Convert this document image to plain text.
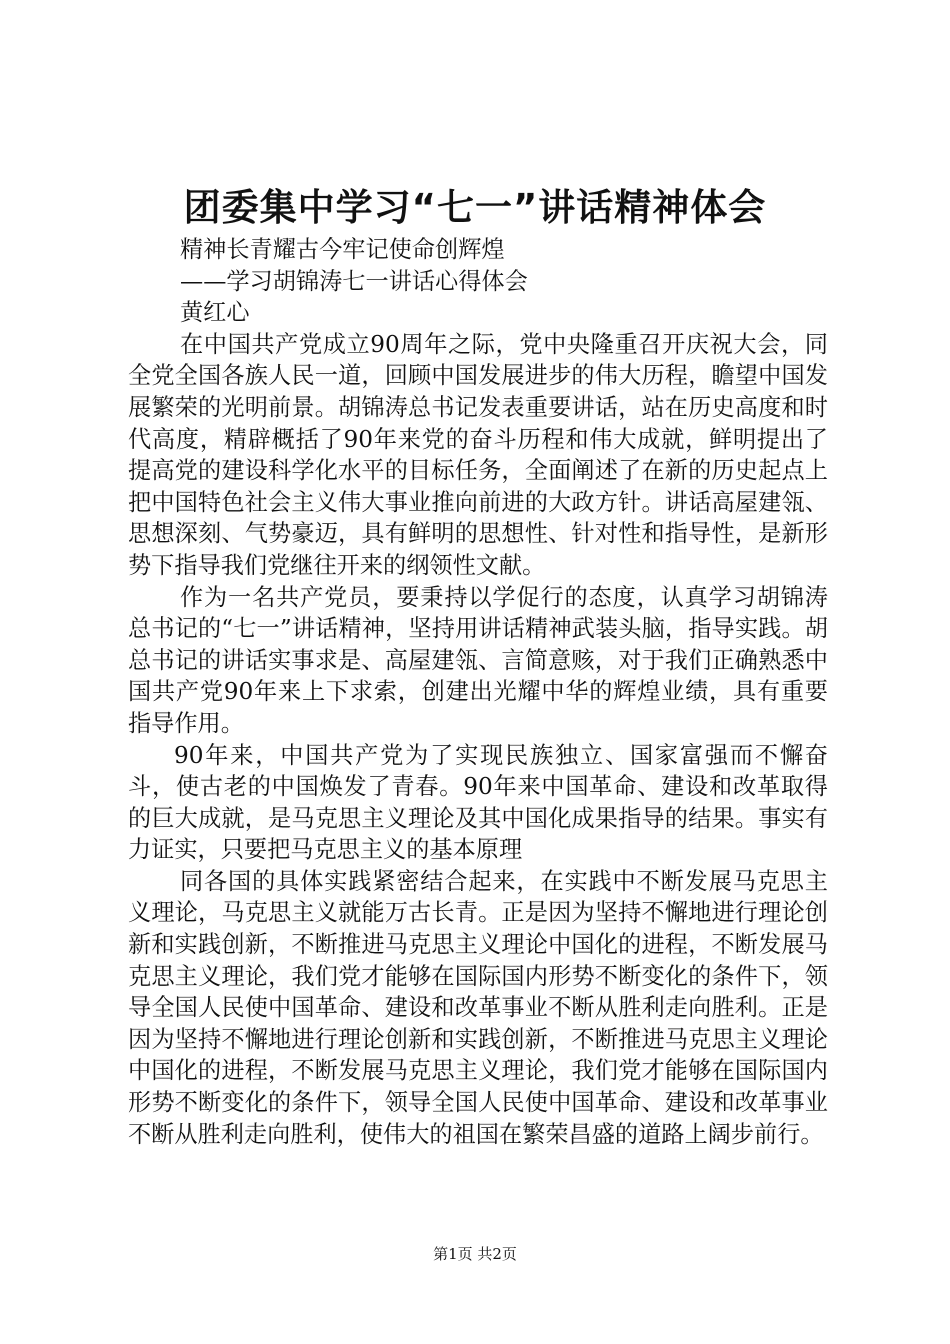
团委集中学习“七一”讲话精神体会

精神长青耀古今牢记使命创辉煌

——学习胡锦涛七一讲话心得体会

黄红心

在中国共产党成立90周年之际，党中央隆重召开庆祝大会，同全党全国各族人民一道，回顾中国发展进步的伟大历程，瞻望中国发展繁荣的光明前景。胡锦涛总书记发表重要讲话，站在历史高度和时代高度，精辟概括了90年来党的奋斗历程和伟大成就，鲜明提出了提高党的建设科学化水平的目标任务，全面阐述了在新的历史起点上把中国特色社会主义伟大事业推向前进的大政方针。讲话高屋建瓴、思想深刻、气势豪迈，具有鲜明的思想性、针对性和指导性，是新形势下指导我们党继往开来的纲领性文献。

作为一名共产党员，要秉持以学促行的态度，认真学习胡锦涛总书记的“七一”讲话精神，坚持用讲话精神武装头脑，指导实践。胡总书记的讲话实事求是、高屋建瓴、言简意赅，对于我们正确熟悉中国共产党90年来上下求索，创建出光耀中华的辉煌业绩，具有重要指导作用。

90年来，中国共产党为了实现民族独立、国家富强而不懈奋斗，使古老的中国焕发了青春。90年来中国革命、建设和改革取得的巨大成就，是马克思主义理论及其中国化成果指导的结果。事实有力证实，只要把马克思主义的基本原理

同各国的具体实践紧密结合起来，在实践中不断发展马克思主义理论，马克思主义就能万古长青。正是因为坚持不懈地进行理论创新和实践创新，不断推进马克思主义理论中国化的进程，不断发展马克思主义理论，我们党才能够在国际国内形势不断变化的条件下，领导全国人民使中国革命、建设和改革事业不断从胜利走向胜利。正是因为坚持不懈地进行理论创新和实践创新，不断推进马克思主义理论中国化的进程，不断发展马克思主义理论，我们党才能够在国际国内形势不断变化的条件下，领导全国人民使中国革命、建设和改革事业不断从胜利走向胜利，使伟大的祖国在繁荣昌盛的道路上阔步前行。

第1页 共2页
